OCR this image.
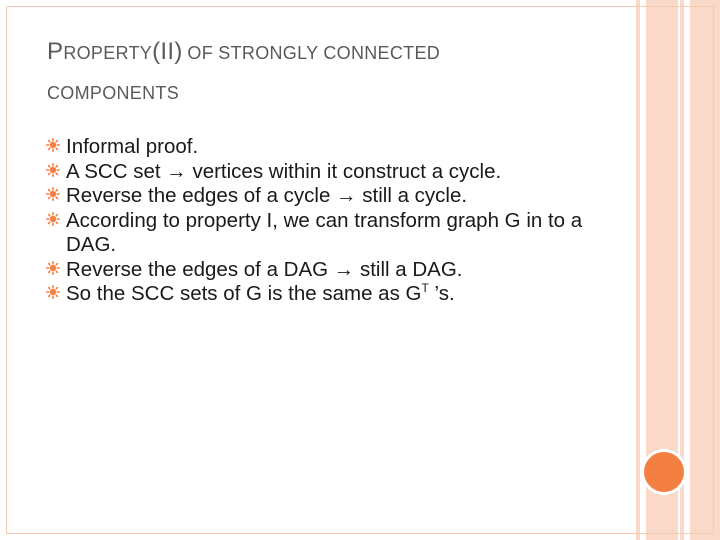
PROPERTY(II) OF STRONGLY CONNECTED
COMPONENTS
Informal proof.
A SCC set → vertices within it construct a cycle.
Reverse the edges of a cycle → still a cycle.
According to property I, we can transform graph G in to a DAG.
Reverse the edges of a DAG → still a DAG.
So the SCC sets of G is the same as $G^T$ ’s.
